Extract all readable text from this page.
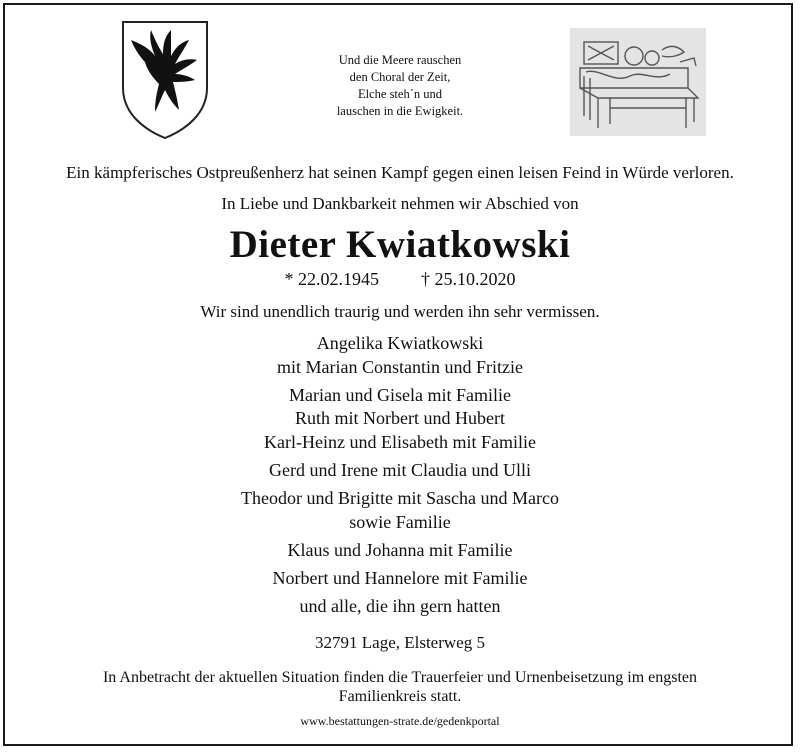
Und die Meere rauschen
den Choral der Zeit,
Elche steh´n und
lauschen in die Ewigkeit.
Ein kämpferisches Ostpreußenherz hat seinen Kampf gegen einen leisen Feind in Würde verloren.
In Liebe und Dankbarkeit nehmen wir Abschied von
Dieter Kwiatkowski
* 22.02.1945 † 25.10.2020
Wir sind unendlich traurig und werden ihn sehr vermissen.
Angelika Kwiatkowski
mit Marian Constantin und Fritzie
Marian und Gisela mit Familie
Ruth mit Norbert und Hubert
Karl-Heinz und Elisabeth mit Familie
Gerd und Irene mit Claudia und Ulli
Theodor und Brigitte mit Sascha und Marco
sowie Familie
Klaus und Johanna mit Familie
Norbert und Hannelore mit Familie
und alle, die ihn gern hatten
32791 Lage, Elsterweg 5
In Anbetracht der aktuellen Situation finden die Trauerfeier und Urnenbeisetzung im engsten
Familienkreis statt.
www.bestattungen-strate.de/gedenkportal
